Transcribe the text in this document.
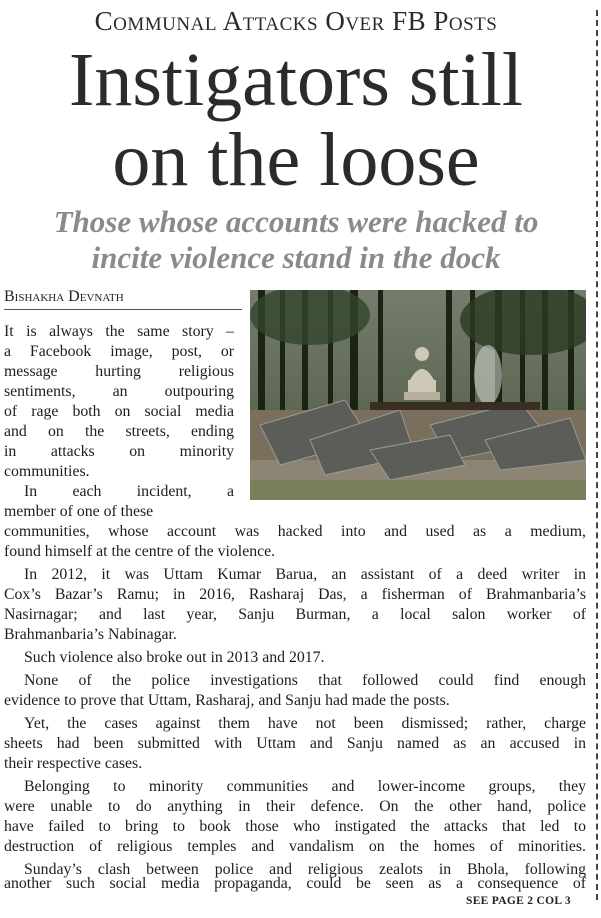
Communal Attacks Over FB Posts
Instigators still
on the loose
Those whose accounts were hacked to
incite violence stand in the dock
Bishakha Devnath
It is always the same story –
a Facebook image, post, or
message hurting religious
sentiments, an outpouring
of rage both on social media
and on the streets, ending
in attacks on minority
communities.
In each incident, a
member of one of these
communities, whose account was hacked into and used as a medium,
found himself at the centre of the violence.
In 2012, it was Uttam Kumar Barua, an assistant of a deed writer in
Cox’s Bazar’s Ramu; in 2016, Rasharaj Das, a fisherman of Brahmanbaria’s
Nasirnagar; and last year, Sanju Burman, a local salon worker of
Brahmanbaria’s Nabinagar.
Such violence also broke out in 2013 and 2017.
None of the police investigations that followed could find enough
evidence to prove that Uttam, Rasharaj, and Sanju had made the posts.
Yet, the cases against them have not been dismissed; rather, charge
sheets had been submitted with Uttam and Sanju named as an accused in
their respective cases.
Belonging to minority communities and lower-income groups, they
were unable to do anything in their defence. On the other hand, police
have failed to bring to book those who instigated the attacks that led to
destruction of religious temples and vandalism on the homes of minorities.
Sunday’s clash between police and religious zealots in Bhola, following
another such social media propaganda, could be seen as a consequence of
SEE PAGE 2 COL 3
